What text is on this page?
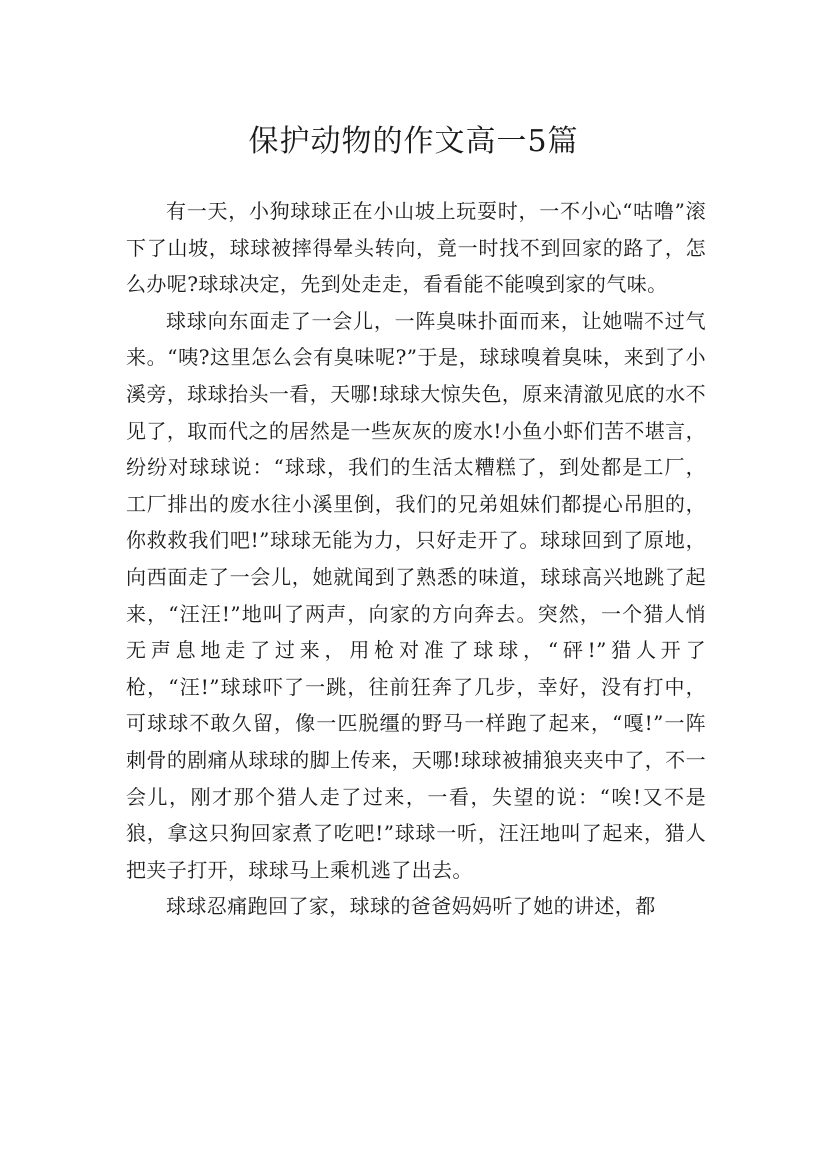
保护动物的作文高一5篇

有一天，小狗球球正在小山坡上玩耍时，一不小心“咕噜”滚下了山坡，球球被摔得晕头转向，竟一时找不到回家的路了，怎么办呢?球球决定，先到处走走，看看能不能嗅到家的气味。

球球向东面走了一会儿，一阵臭味扑面而来，让她喘不过气来。“咦?这里怎么会有臭味呢?”于是，球球嗅着臭味，来到了小溪旁，球球抬头一看，天哪!球球大惊失色，原来清澈见底的水不见了，取而代之的居然是一些灰灰的废水!小鱼小虾们苦不堪言，纷纷对球球说：“球球，我们的生活太糟糕了，到处都是工厂，工厂排出的废水往小溪里倒，我们的兄弟姐妹们都提心吊胆的，你救救我们吧!”球球无能为力，只好走开了。球球回到了原地， 向西面走了一会儿，她就闻到了熟悉的味道，球球高兴地跳了起来，“汪汪!”地叫了两声，向家的方向奔去。突然，一个猎人悄无声息地走了过来，用枪对准了球球，“砰!”猎人开了枪，“汪!”球球吓了一跳，往前狂奔了几步，幸好，没有打中，可球球不敢久留，像一匹脱缰的野马一样跑了起来，“嘎!”一阵刺骨的剧痛从球球的脚上传来，天哪!球球被捕狼夹夹中了，不一会儿，刚才那个猎人走了过来，一看，失望的说：“唉!又不是狼，拿这只狗回家煮了吃吧!”球球一听，汪汪地叫了起来，猎人把夹子打开，球球马上乘机逃了出去。

球球忍痛跑回了家，球球的爸爸妈妈听了她的讲述，都
